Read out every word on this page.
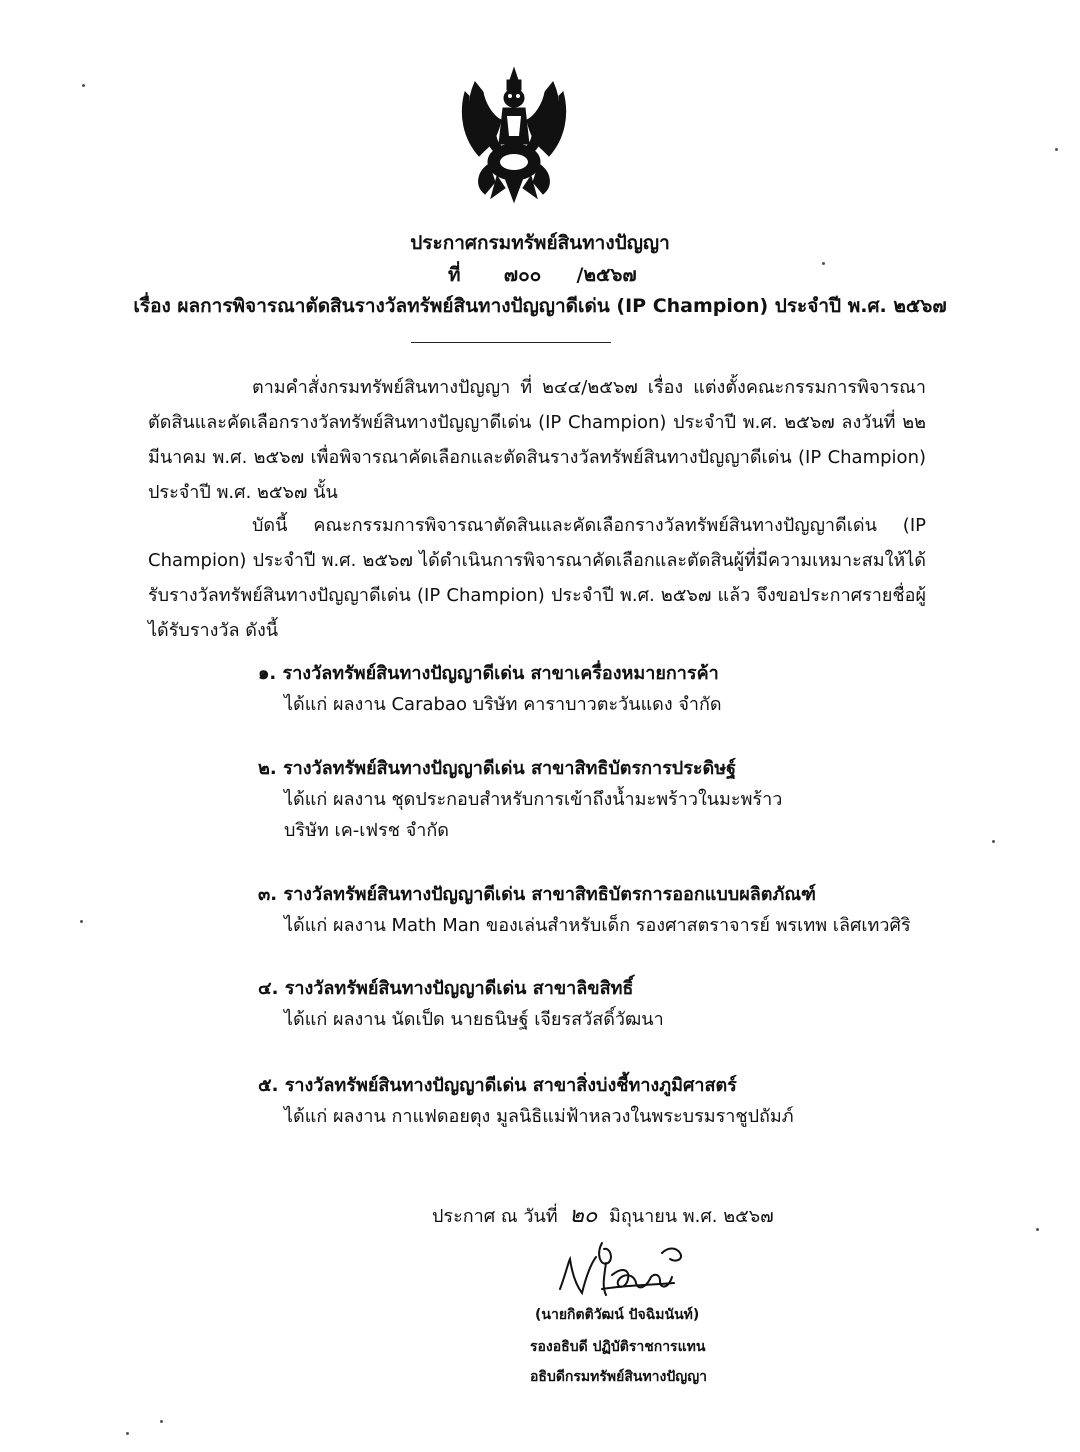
ประกาศกรมทรัพย์สินทางปัญญา
ที่ ๗๐๐ /๒๕๖๗
เรื่อง ผลการพิจารณาตัดสินรางวัลทรัพย์สินทางปัญญาดีเด่น (IP Champion) ประจำปี พ.ศ. ๒๕๖๗
ตามคำสั่งกรมทรัพย์สินทางปัญญา ที่ ๒๔๔/๒๕๖๗ เรื่อง แต่งตั้งคณะกรรมการพิจารณาตัดสินและคัดเลือกรางวัลทรัพย์สินทางปัญญาดีเด่น (IP Champion) ประจำปี พ.ศ. ๒๕๖๗ ลงวันที่ ๒๒ มีนาคม พ.ศ. ๒๕๖๗ เพื่อพิจารณาคัดเลือกและตัดสินรางวัลทรัพย์สินทางปัญญาดีเด่น (IP Champion) ประจำปี พ.ศ. ๒๕๖๗ นั้น
บัดนี้ คณะกรรมการพิจารณาตัดสินและคัดเลือกรางวัลทรัพย์สินทางปัญญาดีเด่น (IP Champion) ประจำปี พ.ศ. ๒๕๖๗ ได้ดำเนินการพิจารณาคัดเลือกและตัดสินผู้ที่มีความเหมาะสมให้ได้รับรางวัลทรัพย์สินทางปัญญาดีเด่น (IP Champion) ประจำปี พ.ศ. ๒๕๖๗ แล้ว จึงขอประกาศรายชื่อผู้ได้รับรางวัล ดังนี้
๑. รางวัลทรัพย์สินทางปัญญาดีเด่น สาขาเครื่องหมายการค้า
ได้แก่ ผลงาน Carabao บริษัท คาราบาวตะวันแดง จำกัด
๒. รางวัลทรัพย์สินทางปัญญาดีเด่น สาขาสิทธิบัตรการประดิษฐ์
ได้แก่ ผลงาน ชุดประกอบสำหรับการเข้าถึงน้ำมะพร้าวในมะพร้าว
บริษัท เค-เฟรช จำกัด
๓. รางวัลทรัพย์สินทางปัญญาดีเด่น สาขาสิทธิบัตรการออกแบบผลิตภัณฑ์
ได้แก่ ผลงาน Math Man ของเล่นสำหรับเด็ก รองศาสตราจารย์ พรเทพ เลิศเทวศิริ
๔. รางวัลทรัพย์สินทางปัญญาดีเด่น สาขาลิขสิทธิ์
ได้แก่ ผลงาน นัดเป็ด นายธนิษฐ์ เจียรสวัสดิ์วัฒนา
๕. รางวัลทรัพย์สินทางปัญญาดีเด่น สาขาสิ่งบ่งชี้ทางภูมิศาสตร์
ได้แก่ ผลงาน กาแฟดอยตุง มูลนิธิแม่ฟ้าหลวงในพระบรมราชูปถัมภ์
ประกาศ ณ วันที่ ๒๐ มิถุนายน พ.ศ. ๒๕๖๗
(นายกิตติวัฒน์ ปัจฉิมนันท์)
รองอธิบดี ปฏิบัติราชการแทน
อธิบดีกรมทรัพย์สินทางปัญญา
